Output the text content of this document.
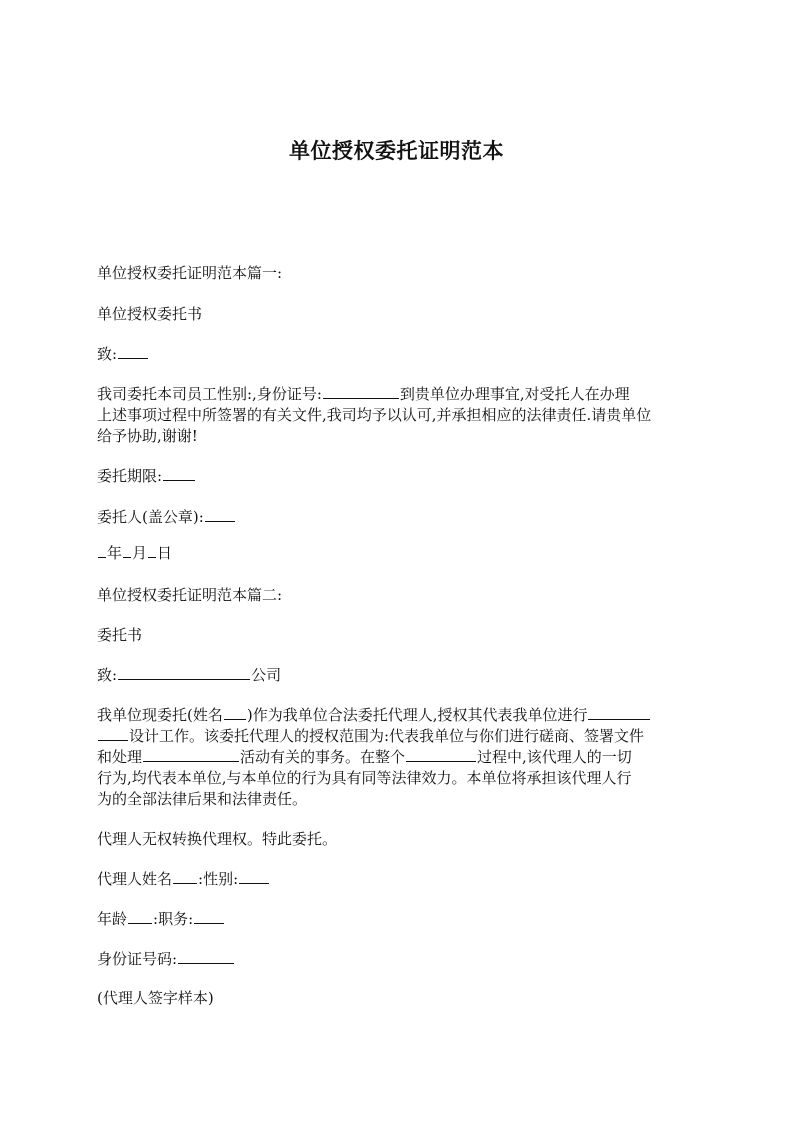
单位授权委托证明范本

单位授权委托证明范本篇一:

单位授权委托书

致:

我司委托本司员工性别:,身份证号:	到贵单位办理事宜,对受托人在办理

上述事项过程中所签署的有关文件,我司均予以认可,并承担相应的法律责任.请贵单位

给予协助,谢谢!

委托期限:

委托人(盖公章):

年 月 日

单位授权委托证明范本篇二:

委托书

致:	公司

我单位现委托(姓名 )作为我单位合法委托代理人,授权其代表我单位进行

设计工作。该委托代理人的授权范围为:代表我单位与你们进行磋商、签署文件

和处理	活动有关的事务。在整个	过程中,该代理人的一切

行为,均代表本单位,与本单位的行为具有同等法律效力。本单位将承担该代理人行

为的全部法律后果和法律责任。

代理人无权转换代理权。特此委托。

代理人姓名 :性别:

年龄 :职务:

身份证号码:

(代理人签字样本)
